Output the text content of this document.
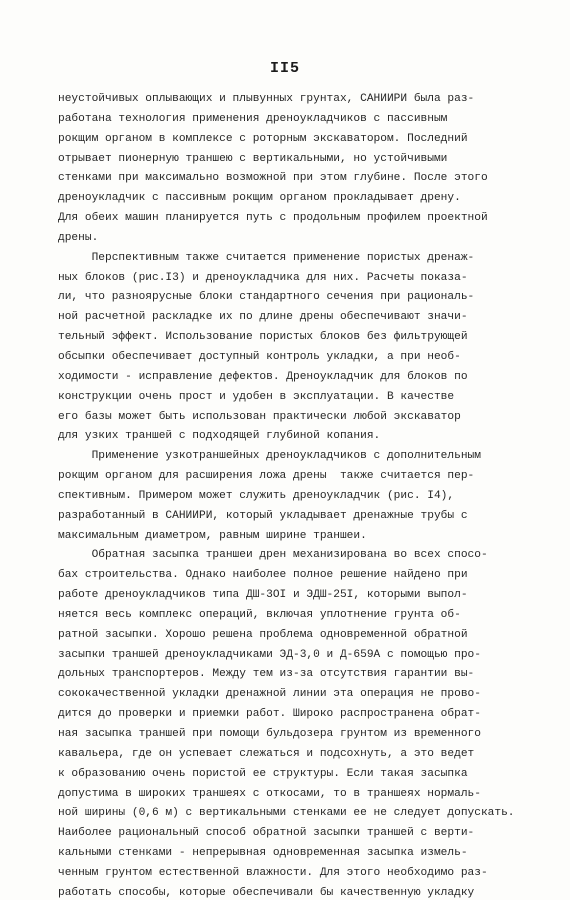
II5
неустойчивых оплывающих и плывунных грунтах, САНИИРИ была раз-
работана технология применения дреноукладчиков с пассивным
рокщим органом в комплексе с роторным экскаватором. Последний
отрывает пионерную траншею с вертикальными, но устойчивыми
стенками при максимально возможной при этом глубине. После этого
дреноукладчик с пассивным рокщим органом прокладывает дрену.
Для обеих машин планируется путь с продольным профилем проектной
дрены.
Перспективным также считается применение пористых дренаж-
ных блоков (рис.I3) и дреноукладчика для них. Расчеты показа-
ли, что разноярусные блоки стандартного сечения при рациональ-
ной расчетной раскладке их по длине дрены обеспечивают значи-
тельный эффект. Использование пористых блоков без фильтрующей
обсыпки обеспечивает доступный контроль укладки, а при необ-
ходимости - исправление дефектов. Дреноукладчик для блоков по
конструкции очень прост и удобен в эксплуатации. В качестве
его базы может быть использован практически любой экскаватор
для узких траншей с подходящей глубиной копания.
Применение узкотраншейных дреноукладчиков с дополнительным
рокщим органом для расширения ложа дрены  также считается пер-
спективным. Примером может служить дреноукладчик (рис. I4),
разработанный в САНИИРИ, который укладывает дренажные трубы с
максимальным диаметром, равным ширине траншеи.
Обратная засыпка траншеи дрен механизирована во всех спосо-
бах строительства. Однако наиболее полное решение найдено при
работе дреноукладчиков типа ДШ-3ОI и ЭДШ-25I, которыми выпол-
няется весь комплекс операций, включая уплотнение грунта об-
ратной засыпки. Хорошо решена проблема одновременной обратной
засыпки траншей дреноукладчиками ЭД-3,0 и Д-659А с помощью про-
дольных транспортеров. Между тем из-за отсутствия гарантии вы-
сококачественной укладки дренажной линии эта операция не прово-
дится до проверки и приемки работ. Широко распространена обрат-
ная засыпка траншей при помощи бульдозера грунтом из временного
кавальера, где он успевает слежаться и подсохнуть, а это ведет
к образованию очень пористой ее структуры. Если такая засыпка
допустима в широких траншеях с откосами, то в траншеях нормаль-
ной ширины (0,6 м) с вертикальными стенками ее не следует допускать.
Наиболее рациональный способ обратной засыпки траншей с верти-
кальными стенками - непрерывная одновременная засыпка измель-
ченным грунтом естественной влажности. Для этого необходимо раз-
работать способы, которые обеспечивали бы качественную укладку
